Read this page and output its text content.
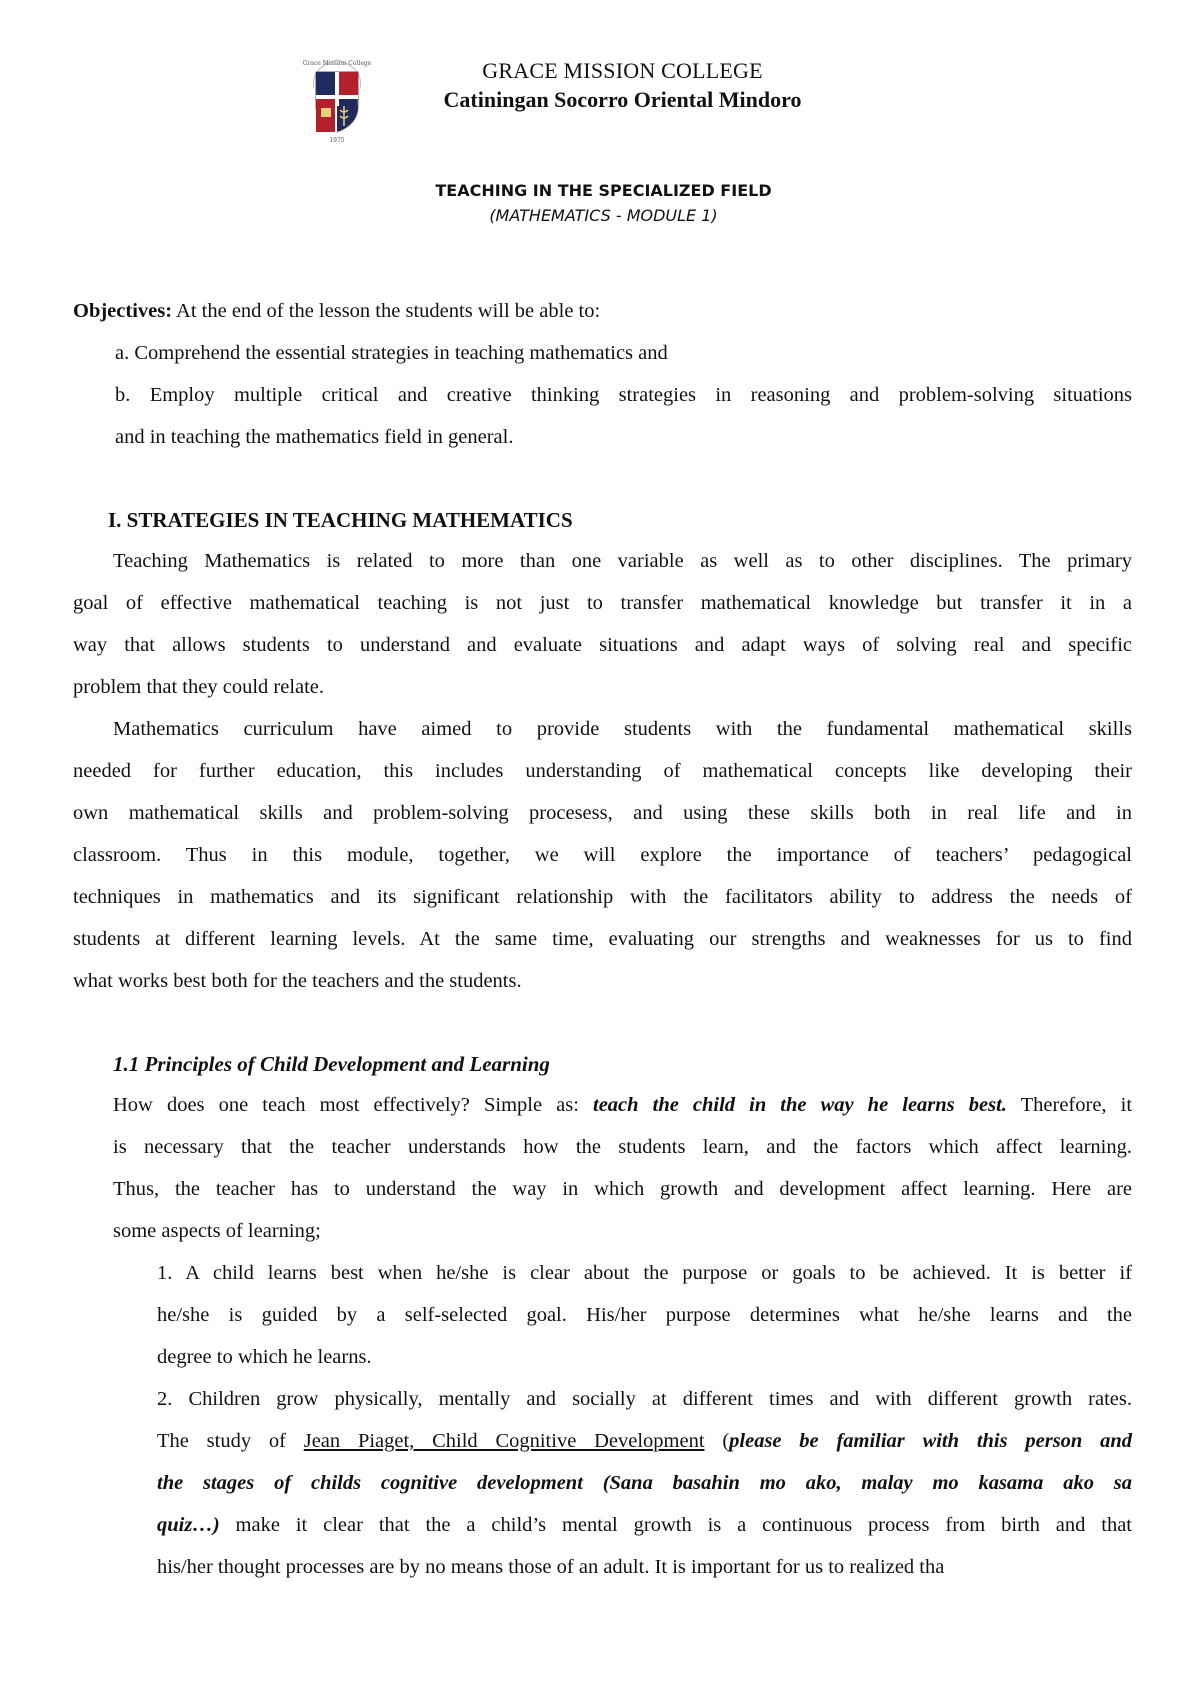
Grace Mission College
1975
GRACE MISSION COLLEGE
Catiningan Socorro Oriental Mindoro
TEACHING IN THE SPECIALIZED FIELD
(MATHEMATICS - MODULE 1)
Objectives: At the end of the lesson the students will be able to:
a. Comprehend the essential strategies in teaching mathematics and
b. Employ multiple critical and creative thinking strategies in reasoning and problem-solving situations
and in teaching the mathematics field in general.
I. STRATEGIES IN TEACHING MATHEMATICS
Teaching Mathematics is related to more than one variable as well as to other disciplines. The primary
goal of effective mathematical teaching is not just to transfer mathematical knowledge but transfer it in a
way that allows students to understand and evaluate situations and adapt ways of solving real and specific
problem that they could relate.
Mathematics curriculum have aimed to provide students with the fundamental mathematical skills
needed for further education, this includes understanding of mathematical concepts like developing their
own mathematical skills and problem-solving procesess, and using these skills both in real life and in
classroom. Thus in this module, together, we will explore the importance of teachers’ pedagogical
techniques in mathematics and its significant relationship with the facilitators ability to address the needs of
students at different learning levels. At the same time, evaluating our strengths and weaknesses for us to find
what works best both for the teachers and the students.
1.1 Principles of Child Development and Learning
How does one teach most effectively? Simple as: teach the child in the way he learns best. Therefore, it
is necessary that the teacher understands how the students learn, and the factors which affect learning.
Thus, the teacher has to understand the way in which growth and development affect learning. Here are
some aspects of learning;
1. A child learns best when he/she is clear about the purpose or goals to be achieved. It is better if
he/she is guided by a self-selected goal. His/her purpose determines what he/she learns and the
degree to which he learns.
2. Children grow physically, mentally and socially at different times and with different growth rates.
The study of Jean Piaget, Child Cognitive Development (please be familiar with this person and
the stages of childs cognitive development (Sana basahin mo ako, malay mo kasama ako sa
quiz…) make it clear that the a child’s mental growth is a continuous process from birth and that
his/her thought processes are by no means those of an adult. It is important for us to realized tha
